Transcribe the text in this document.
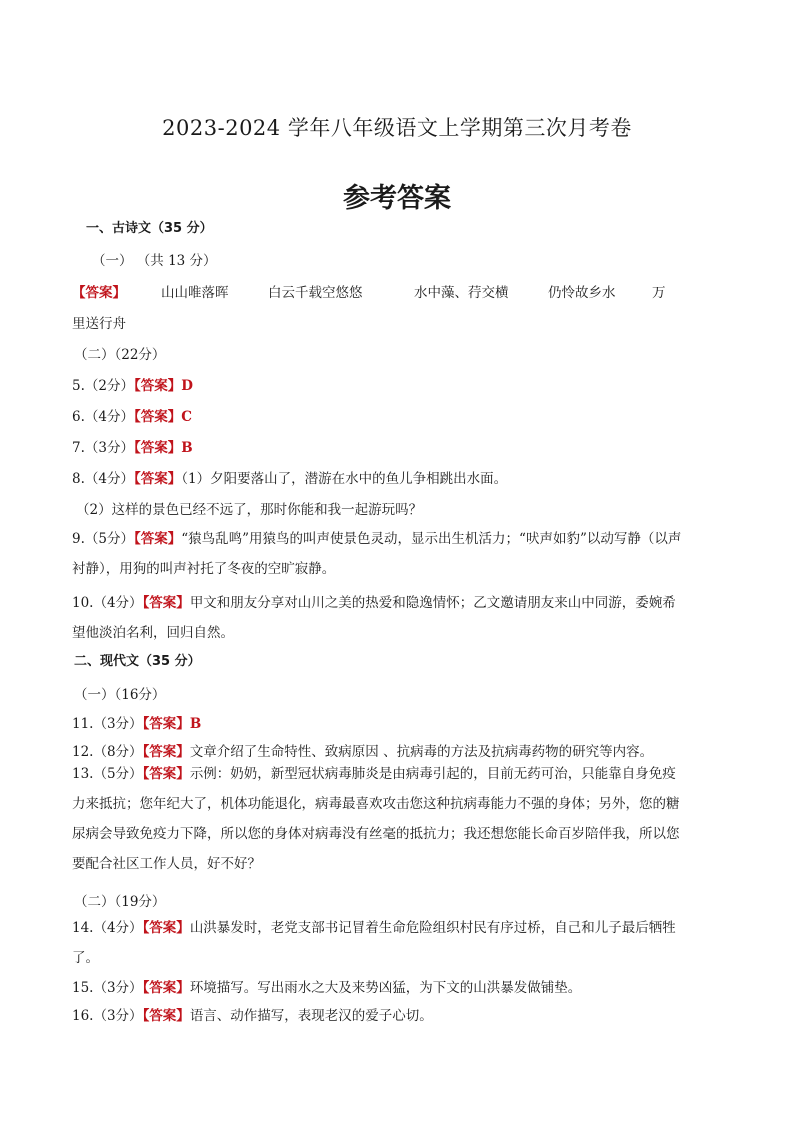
2023-2024 学年八年级语文上学期第三次月考卷
参考答案
一、古诗文（35 分）
（一） （共 13 分）
【答案】	山山唯落晖	白云千载空悠悠	水中藻、荇交横	仍怜故乡水	万
里送行舟
（二）（22分）
5.（2分）【答案】D
6.（4分）【答案】C
7.（3分）【答案】B
8.（4分）【答案】（1）夕阳要落山了，潜游在水中的鱼儿争相跳出水面。
（2）这样的景色已经不远了，那时你能和我一起游玩吗？
9.（5分）【答案】“猿鸟乱鸣”用猿鸟的叫声使景色灵动，显示出生机活力；“吠声如豹”以动写静（以声衬静），用狗的叫声衬托了冬夜的空旷寂静。
10.（4分）【答案】甲文和朋友分享对山川之美的热爱和隐逸情怀；乙文邀请朋友来山中同游，委婉希望他淡泊名利，回归自然。
二、现代文（35 分）
（一）（16分）
11.（3分）【答案】B
12.（8分）【答案】文章介绍了生命特性、致病原因 、抗病毒的方法及抗病毒药物的研究等内容。
13.（5分）【答案】示例：奶奶，新型冠状病毒肺炎是由病毒引起的，目前无药可治，只能靠自身免疫力来抵抗；您年纪大了，机体功能退化，病毒最喜欢攻击您这种抗病毒能力不强的身体；另外，您的糖尿病会导致免疫力下降，所以您的身体对病毒没有丝毫的抵抗力；我还想您能长命百岁陪伴我，所以您要配合社区工作人员，好不好？
（二）（19分）
14.（4分）【答案】山洪暴发时，老党支部书记冒着生命危险组织村民有序过桥，自己和儿子最后牺牲了。
15.（3分）【答案】环境描写。写出雨水之大及来势凶猛，为下文的山洪暴发做铺垫。
16.（3分）【答案】语言、动作描写，表现老汉的爱子心切。
